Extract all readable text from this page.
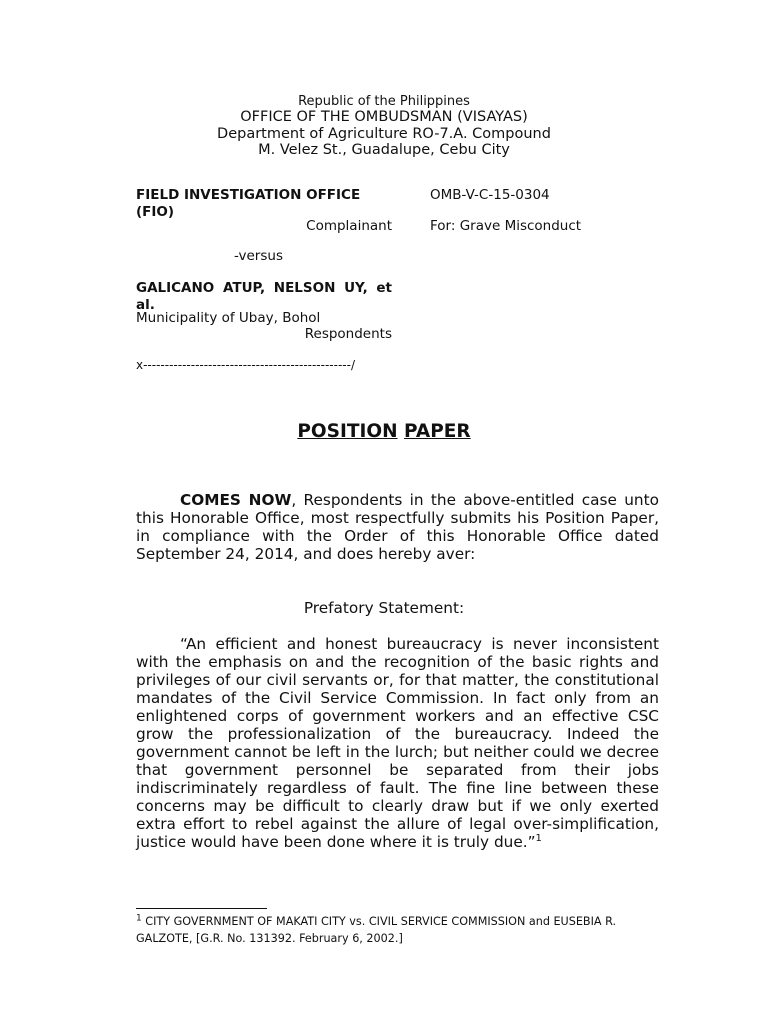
Republic of the Philippines

OFFICE OF THE OMBUDSMAN (VISAYAS)

Department of Agriculture RO-7.A. Compound

M. Velez St., Guadalupe, Cebu City

FIELD INVESTIGATION OFFICE (FIO)
Complainant
-versus
GALICANO ATUP, NELSON UY, et al.
Municipality of Ubay, Bohol
Respondents
x------------------------------------------------/
OMB-V-C-15-0304
For: Grave Misconduct
POSITION PAPER

COMES NOW, Respondents in the above-entitled case unto this Honorable Office, most respectfully submits his Position Paper, in compliance with the Order of this Honorable Office dated September 24, 2014, and does hereby aver:

Prefatory Statement:

“An efficient and honest bureaucracy is never inconsistent with the emphasis on and the recognition of the basic rights and privileges of our civil servants or, for that matter, the constitutional mandates of the Civil Service Commission. In fact only from an enlightened corps of government workers and an effective CSC grow the professionalization of the bureaucracy. Indeed the government cannot be left in the lurch; but neither could we decree that government personnel be separated from their jobs indiscriminately regardless of fault. The fine line between these concerns may be difficult to clearly draw but if we only exerted extra effort to rebel against the allure of legal over-simplification, justice would have been done where it is truly due.”$^1$

$^1$ CITY GOVERNMENT OF MAKATI CITY vs. CIVIL SERVICE COMMISSION and EUSEBIA R. GALZOTE, [G.R. No. 131392. February 6, 2002.]
